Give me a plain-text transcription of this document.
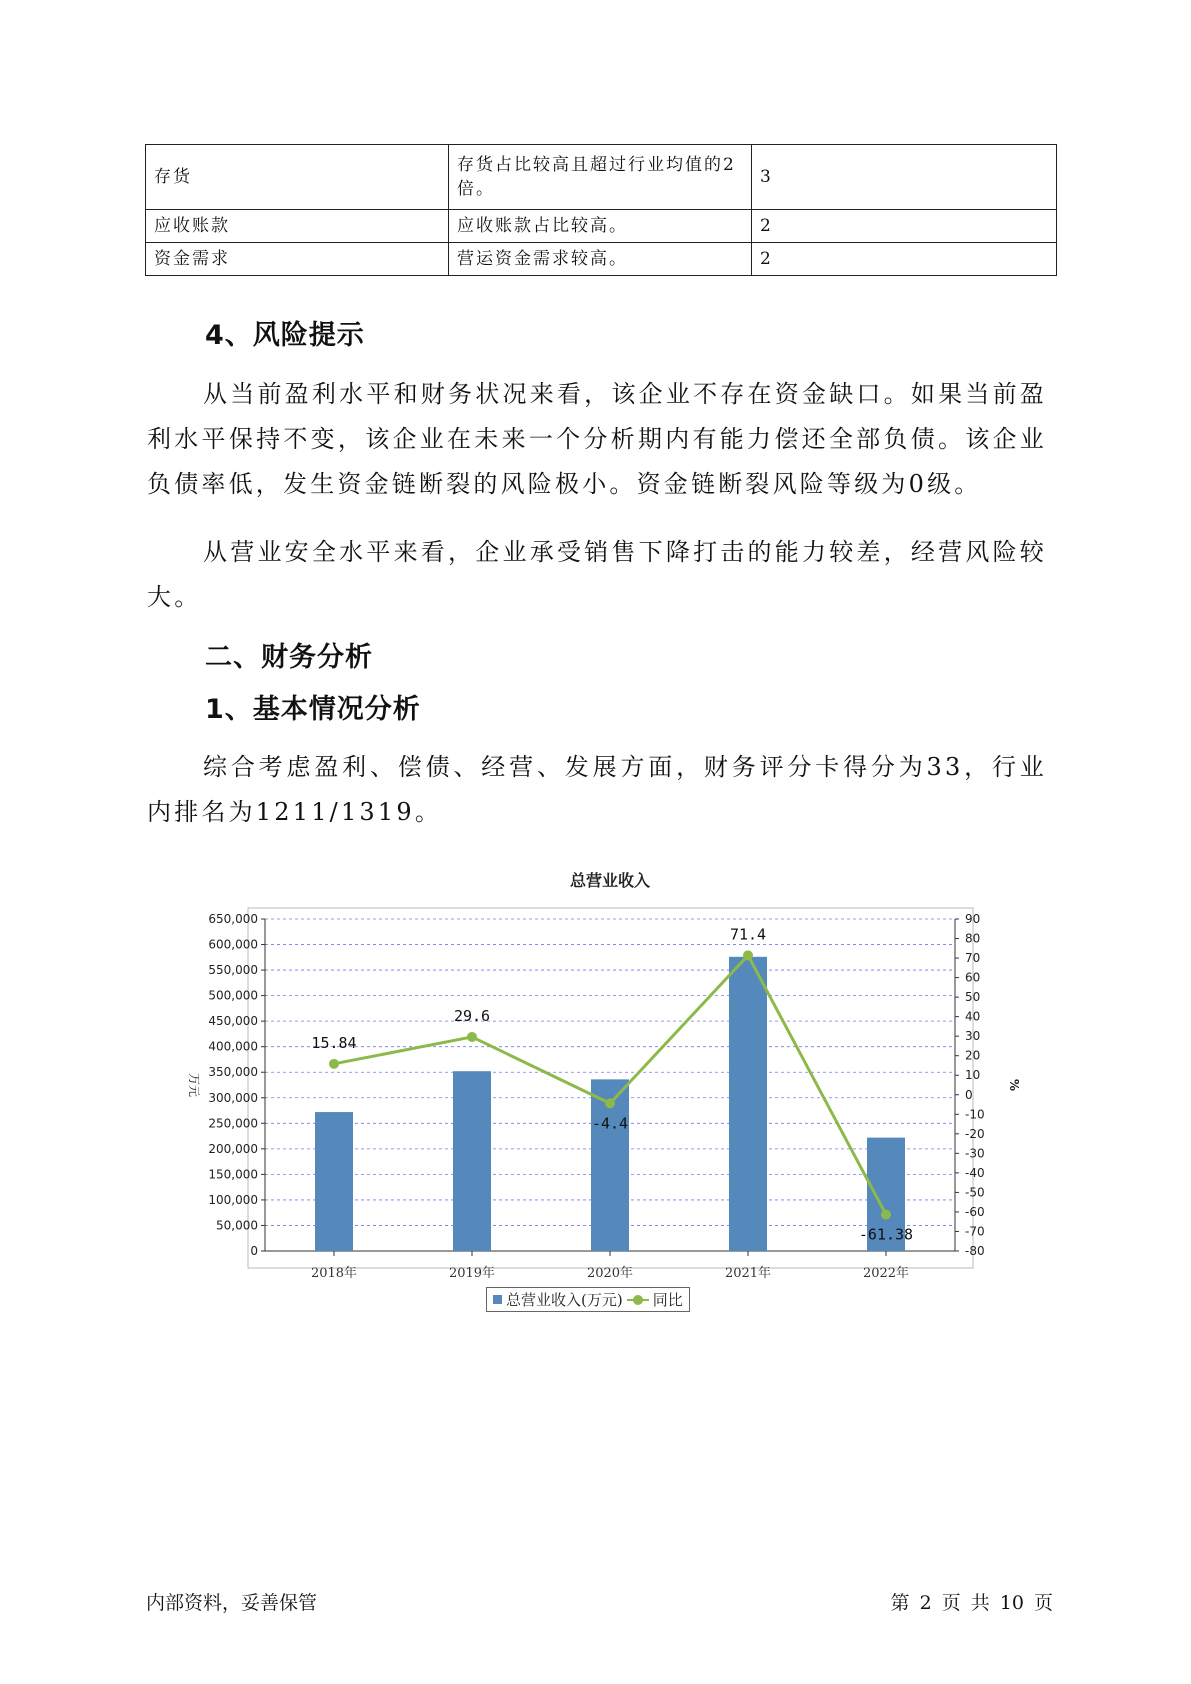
存货	存货占比较高且超过行业均值的2倍。	3
应收账款	应收账款占比较高。	2
资金需求	营运资金需求较高。	2
4、风险提示
从当前盈利水平和财务状况来看，该企业不存在资金缺口。如果当前盈利水平保持不变，该企业在未来一个分析期内有能力偿还全部负债。该企业负债率低，发生资金链断裂的风险极小。资金链断裂风险等级为0级。
从营业安全水平来看，企业承受销售下降打击的能力较差，经营风险较大。
二、财务分析
1、基本情况分析
综合考虑盈利、偿债、经营、发展方面，财务评分卡得分为33，行业内排名为1211/1319。
总营业收入
0
50,000
100,000
150,000
200,000
250,000
300,000
350,000
400,000
450,000
500,000
550,000
600,000
650,000
-80
-70
-60
-50
-40
-30
-20
-10
0
10
20
30
40
50
60
70
80
90
万元	%
2018年	2019年	2020年	2021年	2022年
15.84
29.6
-4.4
71.4
-61.38
总营业收入(万元) 同比
内部资料，妥善保管	第 2 页 共 10 页
